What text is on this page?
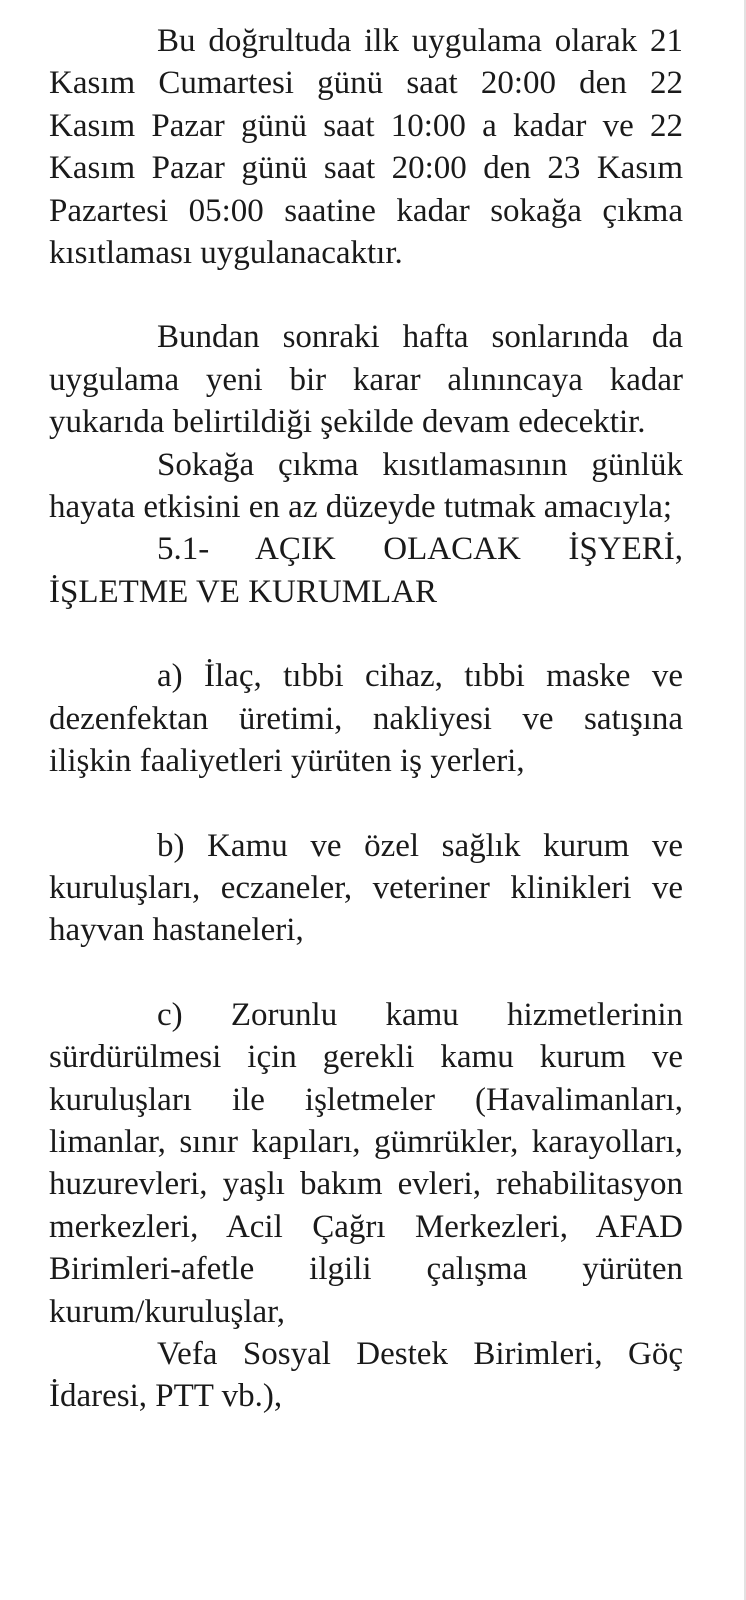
Bu doğrultuda ilk uygulama olarak 21 Kasım Cumartesi günü saat 20:00 den 22 Kasım Pazar günü saat 10:00 a kadar ve 22 Kasım Pazar günü saat 20:00 den 23 Kasım Pazartesi 05:00 saatine kadar sokağa çıkma kısıtlaması uygulanacaktır.

Bundan sonraki hafta sonlarında da uygulama yeni bir karar alınıncaya kadar yukarıda belirtildiği şekilde devam edecektir.

Sokağa çıkma kısıtlamasının günlük hayata etkisini en az düzeyde tutmak amacıyla;

5.1- AÇIK OLACAK İŞYERİ, İŞLETME VE KURUMLAR

a) İlaç, tıbbi cihaz, tıbbi maske ve dezenfektan üretimi, nakliyesi ve satışına ilişkin faaliyetleri yürüten iş yerleri,

b) Kamu ve özel sağlık kurum ve kuruluşları, eczaneler, veteriner klinikleri ve hayvan hastaneleri,

c) Zorunlu kamu hizmetlerinin sürdürülmesi için gerekli kamu kurum ve kuruluşları ile işletmeler (Havalimanları, limanlar, sınır kapıları, gümrükler, karayolları, huzurevleri, yaşlı bakım evleri, rehabilitasyon merkezleri, Acil Çağrı Merkezleri, AFAD Birimleri-afetle ilgili çalışma yürüten kurum/kuruluşlar,

Vefa Sosyal Destek Birimleri, Göç İdaresi, PTT vb.),
